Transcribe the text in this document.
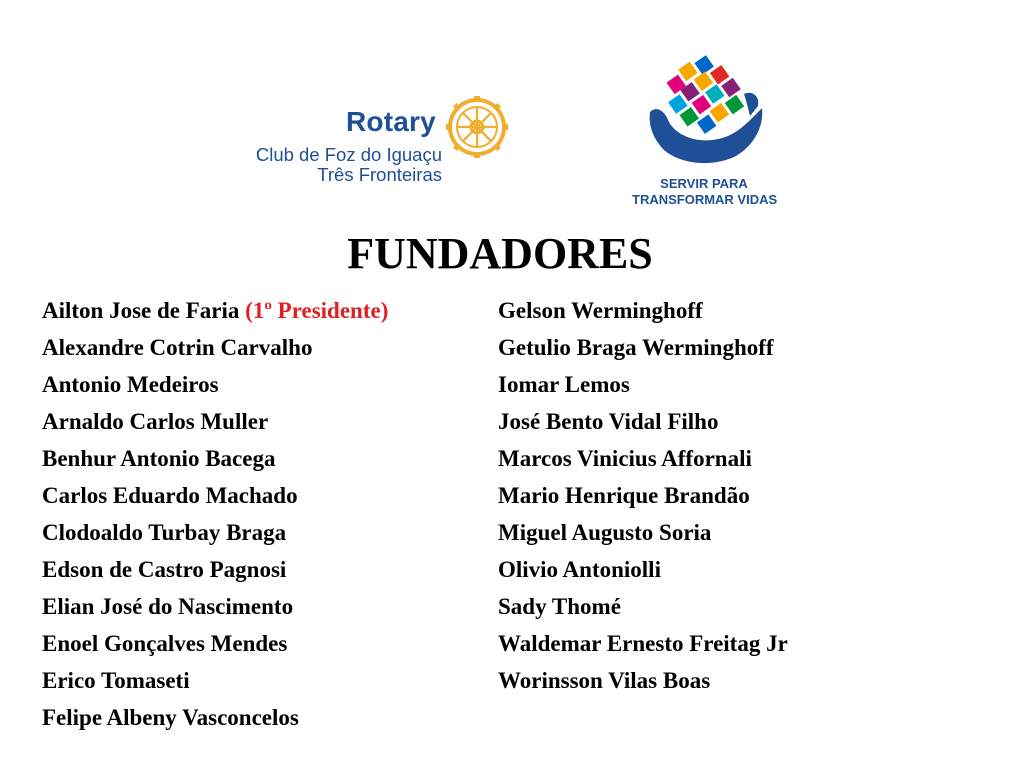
Rotary
Club de Foz do Iguaçu
Três Fronteiras	SERVIR PARA
TRANSFORMAR VIDAS
FUNDADORES
Ailton Jose de Faria (1º Presidente)
Alexandre Cotrin Carvalho
Antonio Medeiros
Arnaldo Carlos Muller
Benhur Antonio Bacega
Carlos Eduardo Machado
Clodoaldo Turbay Braga
Edson de Castro Pagnosi
Elian José do Nascimento
Enoel Gonçalves Mendes
Erico Tomaseti
Felipe Albeny Vasconcelos
Gelson Werminghoff
Getulio Braga Werminghoff
Iomar Lemos
José Bento Vidal Filho
Marcos Vinicius Affornali
Mario Henrique Brandão
Miguel Augusto Soria
Olivio Antoniolli
Sady Thomé
Waldemar Ernesto Freitag Jr
Worinsson Vilas Boas
